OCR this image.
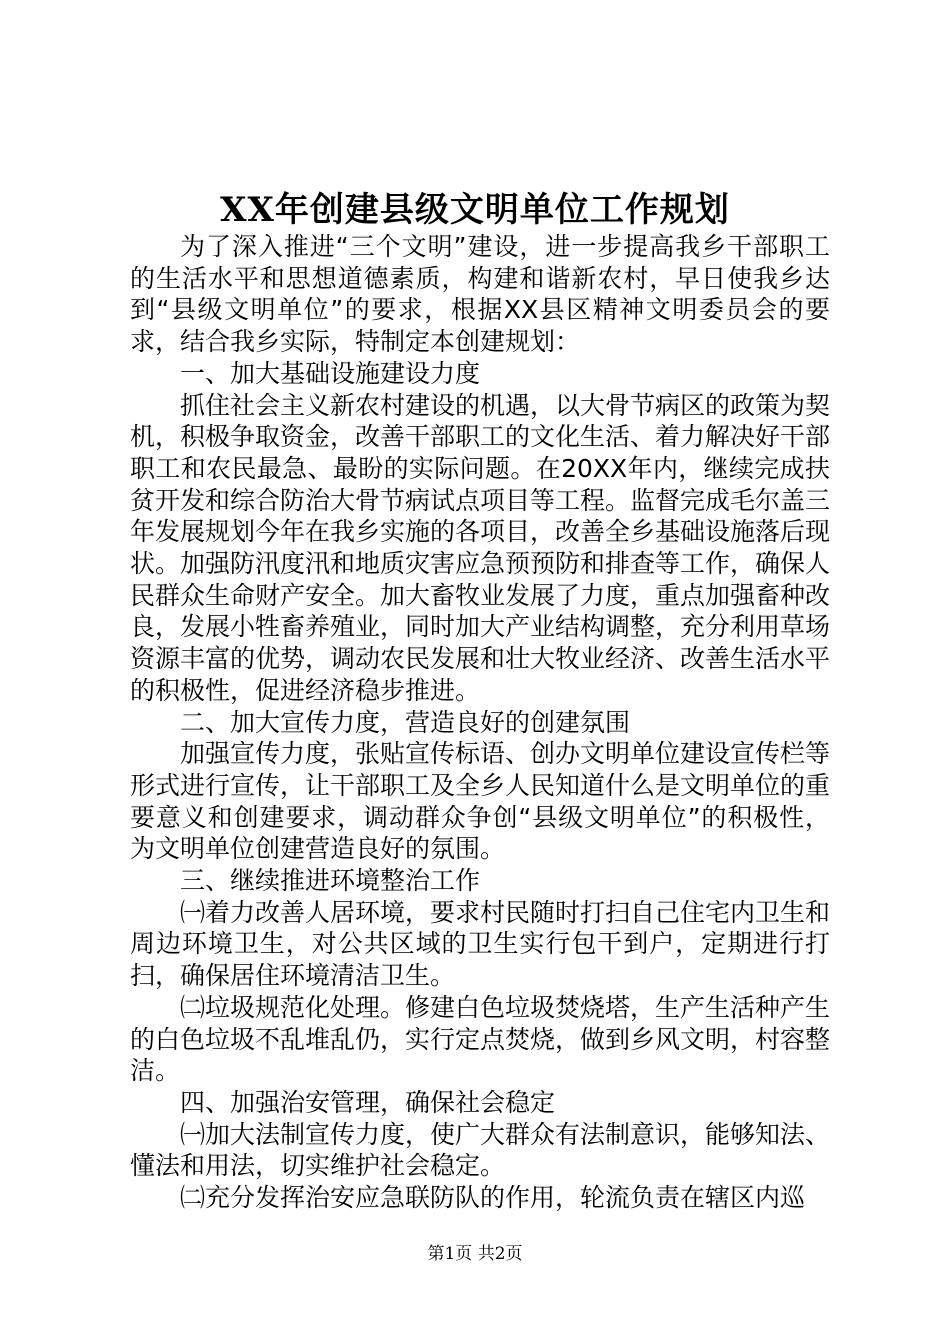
XX年创建县级文明单位工作规划

为了深入推进“三个文明”建设，进一步提高我乡干部职工的生活水平和思想道德素质，构建和谐新农村，早日使我乡达到“县级文明单位”的要求，根据XX县区精神文明委员会的要求，结合我乡实际，特制定本创建规划：

一、加大基础设施建设力度

抓住社会主义新农村建设的机遇，以大骨节病区的政策为契机，积极争取资金，改善干部职工的文化生活、着力解决好干部职工和农民最急、最盼的实际问题。在20XX年内，继续完成扶贫开发和综合防治大骨节病试点项目等工程。监督完成毛尔盖三年发展规划今年在我乡实施的各项目，改善全乡基础设施落后现状。加强防汛度汛和地质灾害应急预预防和排查等工作，确保人民群众生命财产安全。加大畜牧业发展了力度，重点加强畜种改良，发展小牲畜养殖业，同时加大产业结构调整，充分利用草场资源丰富的优势，调动农民发展和壮大牧业经济、改善生活水平的积极性，促进经济稳步推进。

二、加大宣传力度，营造良好的创建氛围

加强宣传力度，张贴宣传标语、创办文明单位建设宣传栏等形式进行宣传，让干部职工及全乡人民知道什么是文明单位的重要意义和创建要求，调动群众争创“县级文明单位”的积极性，为文明单位创建营造良好的氛围。

三、继续推进环境整治工作

㈠着力改善人居环境，要求村民随时打扫自己住宅内卫生和周边环境卫生，对公共区域的卫生实行包干到户，定期进行打扫，确保居住环境清洁卫生。

㈡垃圾规范化处理。修建白色垃圾焚烧塔，生产生活种产生的白色垃圾不乱堆乱仍，实行定点焚烧，做到乡风文明，村容整洁。

四、加强治安管理，确保社会稳定

㈠加大法制宣传力度，使广大群众有法制意识，能够知法、懂法和用法，切实维护社会稳定。

㈡充分发挥治安应急联防队的作用，轮流负责在辖区内巡

第1页 共2页
